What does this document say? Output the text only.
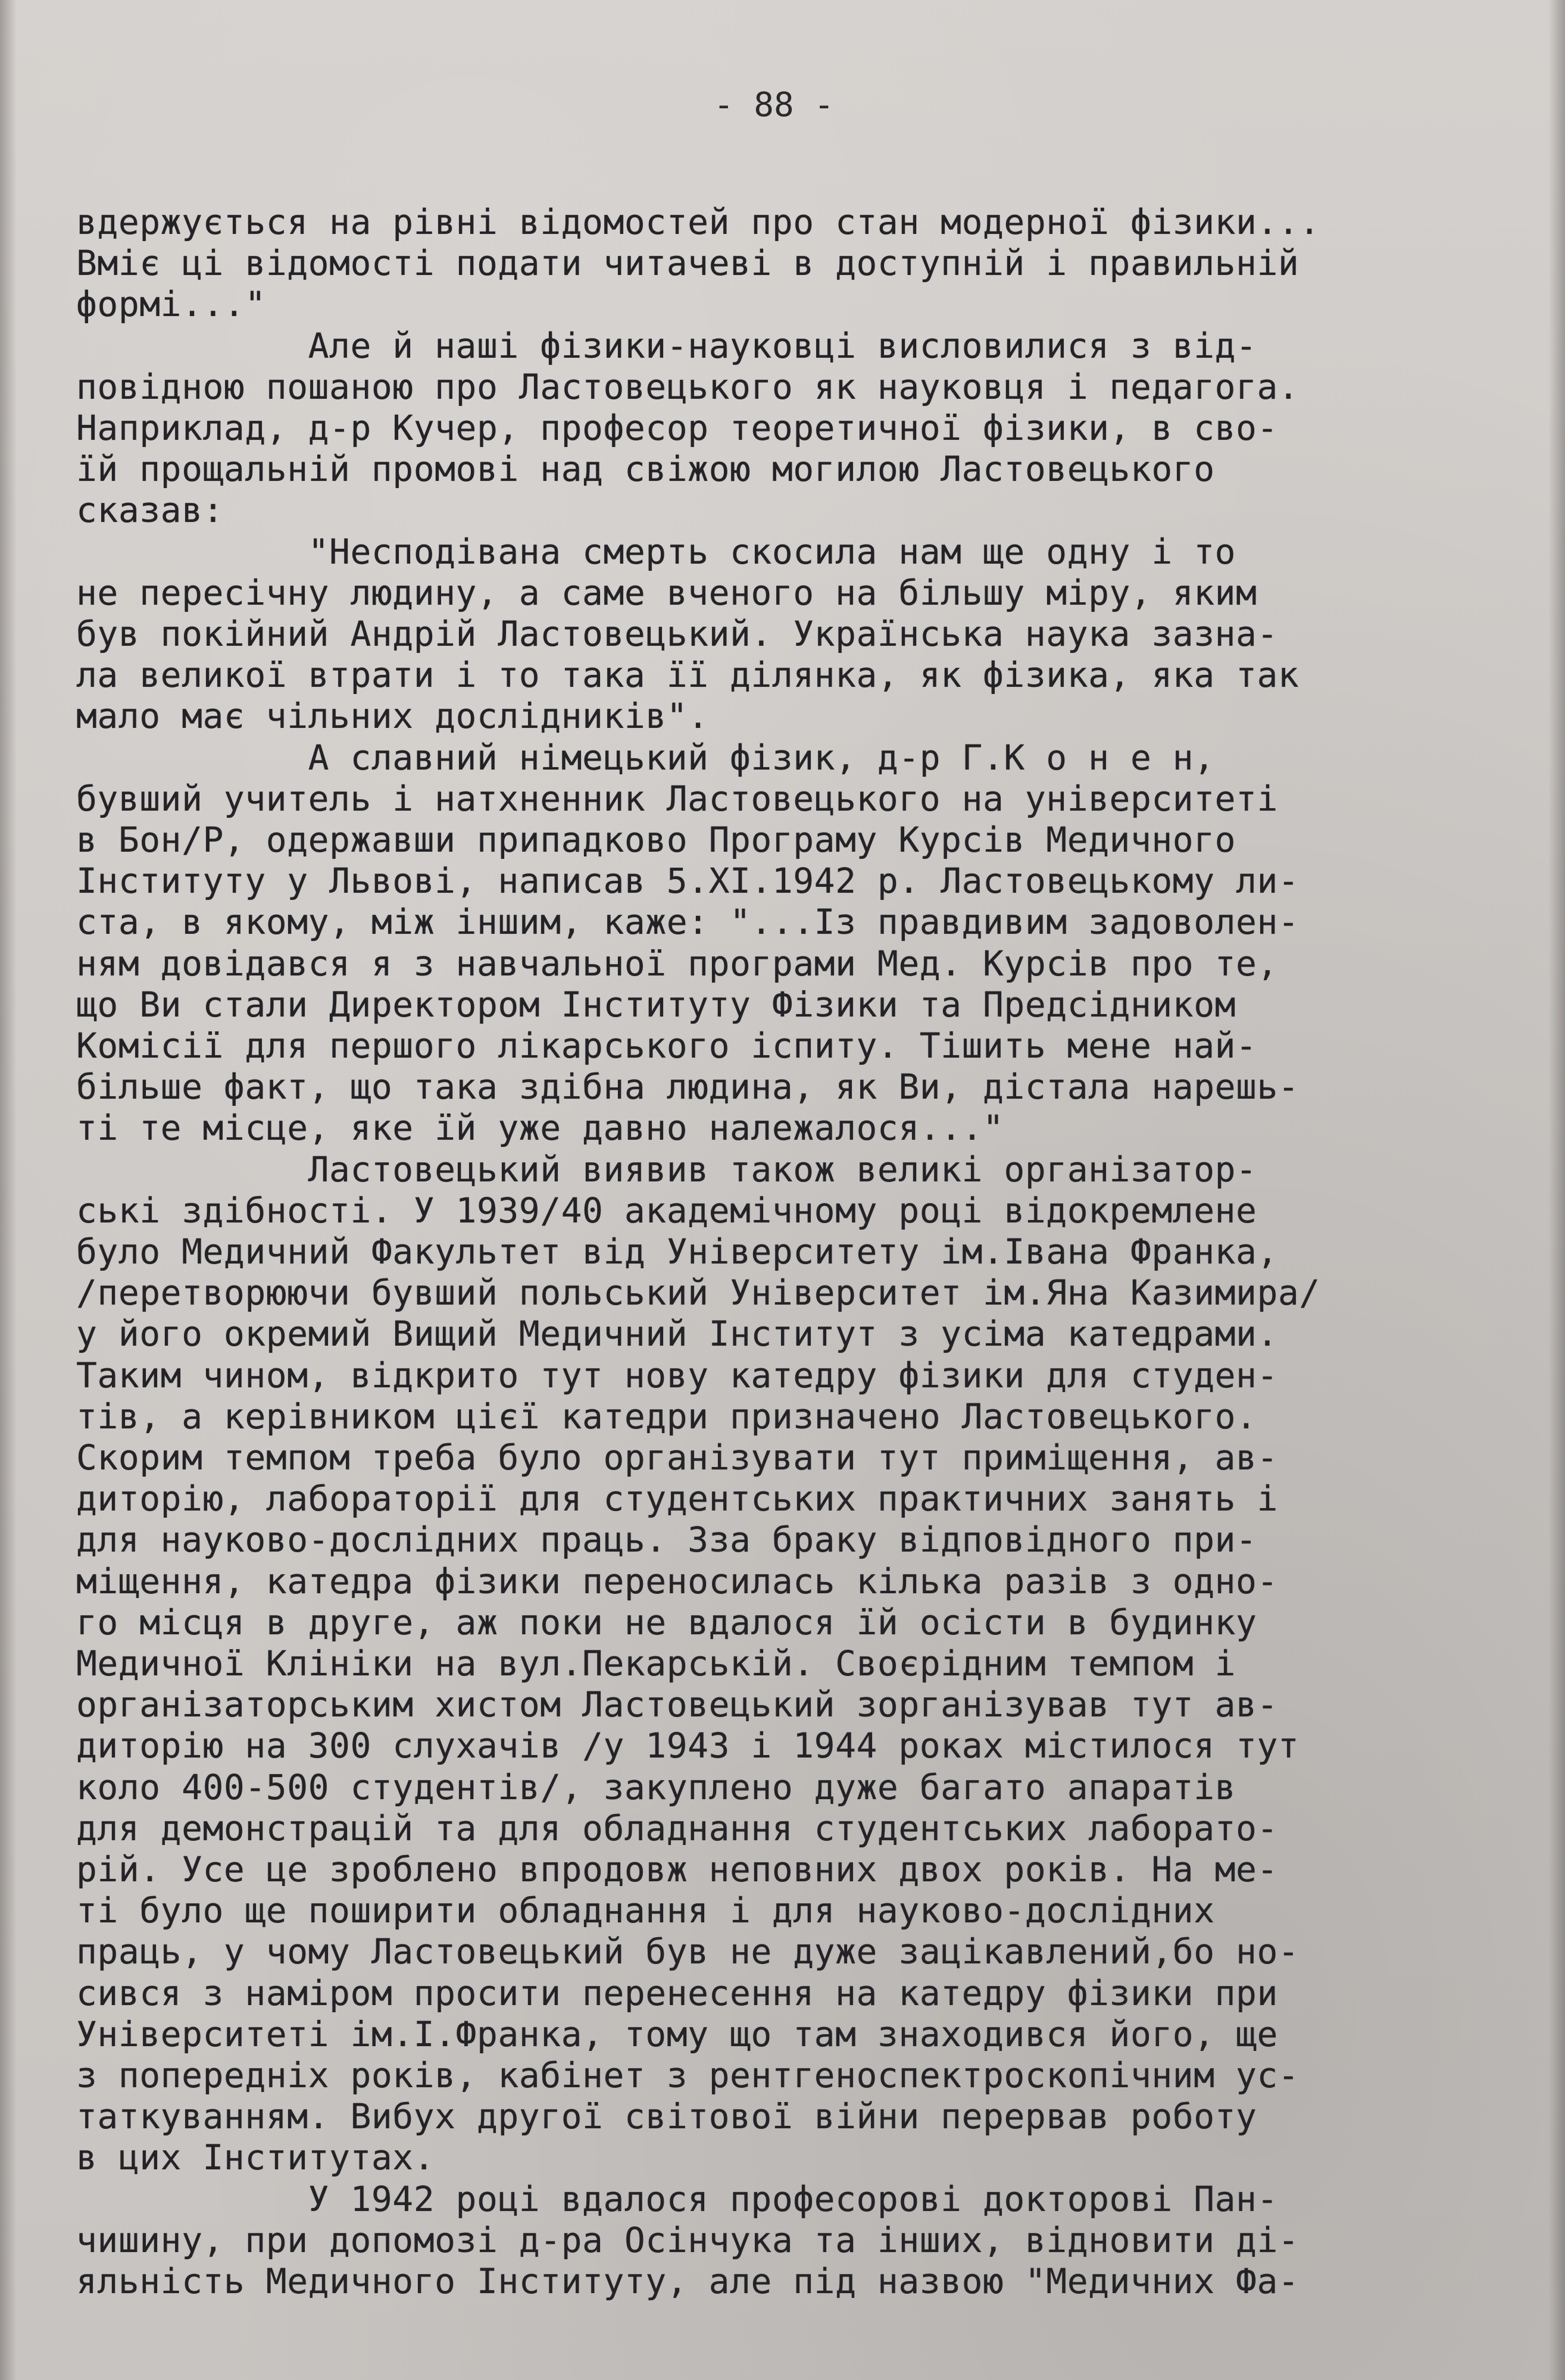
- 88 -
вдержується на рівні відомостей про стан модерної фізики...
Вміє ці відомості подати читачеві в доступній і правильній
формі..."
Але й наші фізики-науковці висловилися з від-
повідною пошаною про Ластовецького як науковця і педагога.
Наприклад, д-р Кучер, професор теоретичної фізики, в сво-
їй прощальній промові над свіжою могилою Ластовецького
сказав:
"Несподівана смерть скосила нам ще одну і то
не пересічну людину, а саме вченого на більшу міру, яким
був покійний Андрій Ластовецький. Українська наука зазна-
ла великої втрати і то така її ділянка, як фізика, яка так
мало має чільних дослідників".
А славний німецький фізик, д-р Г.К о н е н,
бувший учитель і натхненник Ластовецького на університеті
в Бон/Р, одержавши припадково Програму Курсів Медичного
Інституту у Львові, написав 5.XI.1942 р. Ластовецькому ли-
ста, в якому, між іншим, каже: "...Із правдивим задоволен-
ням довідався я з навчальної програми Мед. Курсів про те,
що Ви стали Директором Інституту Фізики та Предсідником
Комісії для першого лікарського іспиту. Тішить мене най-
більше факт, що така здібна людина, як Ви, дістала нарешь-
ті те місце, яке їй уже давно належалося..."
Ластовецький виявив також великі організатор-
ські здібності. У 1939/40 академічному році відокремлене
було Медичний Факультет від Університету ім.Івана Франка,
/перетворюючи бувший польський Університет ім.Яна Казимира/
у його окремий Вищий Медичний Інститут з усіма катедрами.
Таким чином, відкрито тут нову катедру фізики для студен-
тів, а керівником цієї катедри призначено Ластовецького.
Скорим темпом треба було організувати тут приміщення, ав-
диторію, лабораторії для студентських практичних занять і
для науково-дослідних праць. Зза браку відповідного при-
міщення, катедра фізики переносилась кілька разів з одно-
го місця в друге, аж поки не вдалося їй осісти в будинку
Медичної Клініки на вул.Пекарській. Своєрідним темпом і
організаторським хистом Ластовецький зорганізував тут ав-
диторію на 300 слухачів /у 1943 і 1944 роках містилося тут
коло 400-500 студентів/, закуплено дуже багато апаратів
для демонстрацій та для обладнання студентських лаборато-
рій. Усе це зроблено впродовж неповних двох років. На ме-
ті було ще поширити обладнання і для науково-дослідних
праць, у чому Ластовецький був не дуже зацікавлений,бо но-
сився з наміром просити перенесення на катедру фізики при
Університеті ім.І.Франка, тому що там знаходився його, ще
з попередніх років, кабінет з рентгеноспектроскопічним ус-
таткуванням. Вибух другої світової війни перервав роботу
в цих Інститутах.
У 1942 році вдалося професорові докторові Пан-
чишину, при допомозі д-ра Осінчука та інших, відновити ді-
яльність Медичного Інституту, але під назвою "Медичних Фа-
